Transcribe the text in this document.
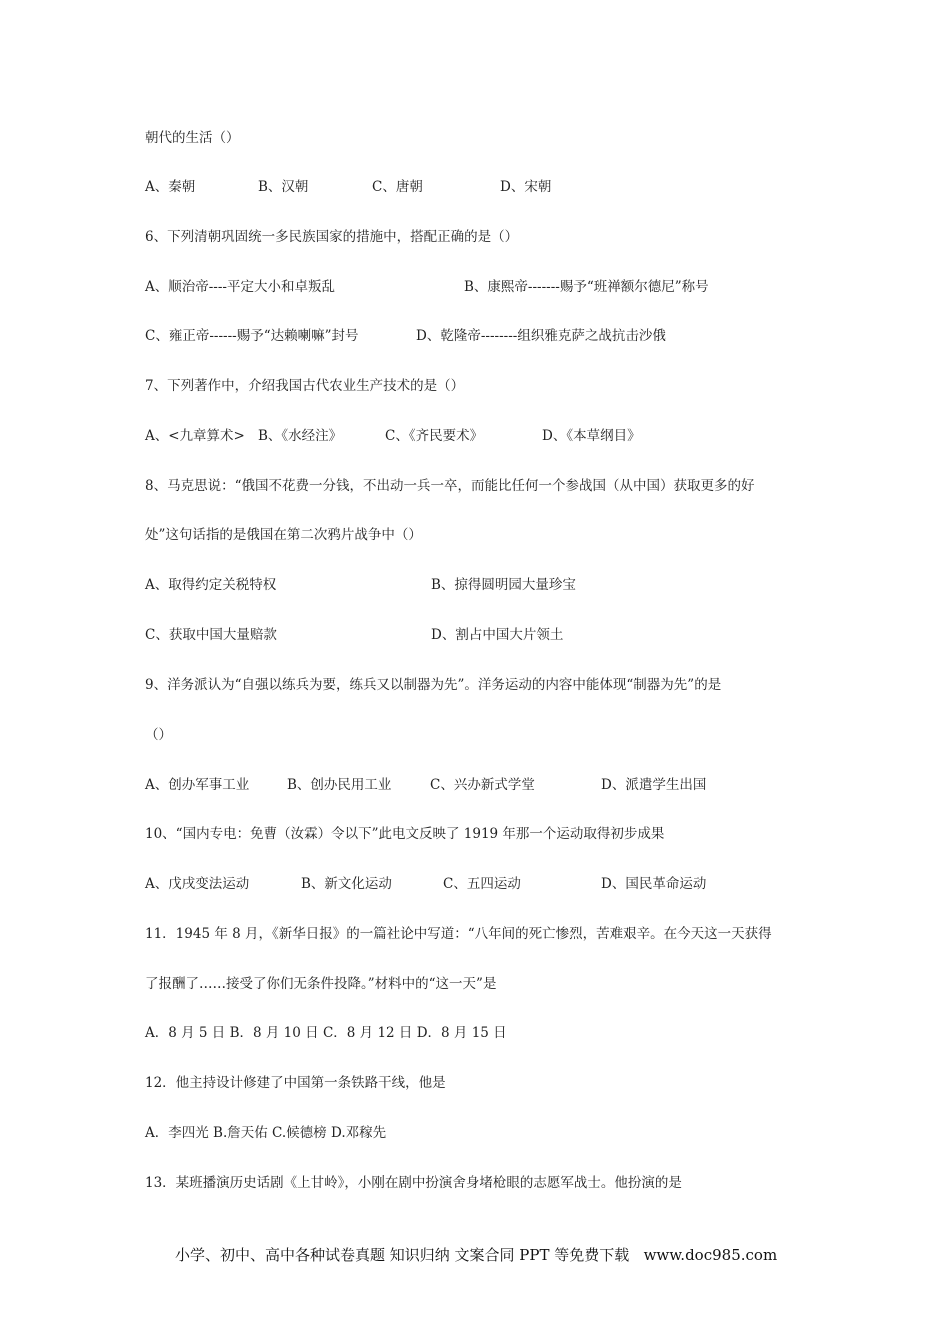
朝代的生活（）
A、秦朝	B、汉朝	C、唐朝	D、宋朝
6、下列清朝巩固统一多民族国家的措施中，搭配正确的是（）
A、顺治帝----平定大小和卓叛乱	B、康熙帝-------赐予“班禅额尔德尼”称号
C、雍正帝------赐予“达赖喇嘛”封号	D、乾隆帝--------组织雅克萨之战抗击沙俄
7、下列著作中，介绍我国古代农业生产技术的是（）
A、<九章算术> B、《水经注》	C、《齐民要术》	D、《本草纲目》
8、马克思说：“俄国不花费一分钱，不出动一兵一卒，而能比任何一个参战国（从中国）获取更多的好
处”这句话指的是俄国在第二次鸦片战争中（）
A、取得约定关税特权	B、掠得圆明园大量珍宝
C、获取中国大量赔款	D、割占中国大片领土
9、洋务派认为“自强以练兵为要，练兵又以制器为先”。洋务运动的内容中能体现“制器为先”的是
（）
A、创办军事工业	B、创办民用工业	C、兴办新式学堂	D、派遣学生出国
10、“国内专电：免曹（汝霖）令以下”此电文反映了 1919 年那一个运动取得初步成果
A、戊戌变法运动	B、新文化运动	C、五四运动	D、国民革命运动
11．1945 年 8 月，《新华日报》的一篇社论中写道：“八年间的死亡惨烈，苦难艰辛。在今天这一天获得
了报酬了……接受了你们无条件投降。”材料中的“这一天”是
A．8 月 5 日 B．8 月 10 日 C．8 月 12 日 D．8 月 15 日
12．他主持设计修建了中国第一条铁路干线，他是
A．李四光 B.詹天佑 C.候德榜 D.邓稼先
13．某班播演历史话剧《上甘岭》，小刚在剧中扮演舍身堵枪眼的志愿军战士。他扮演的是
小学、初中、高中各种试卷真题 知识归纳 文案合同 PPT 等免费下载   www.doc985.com
